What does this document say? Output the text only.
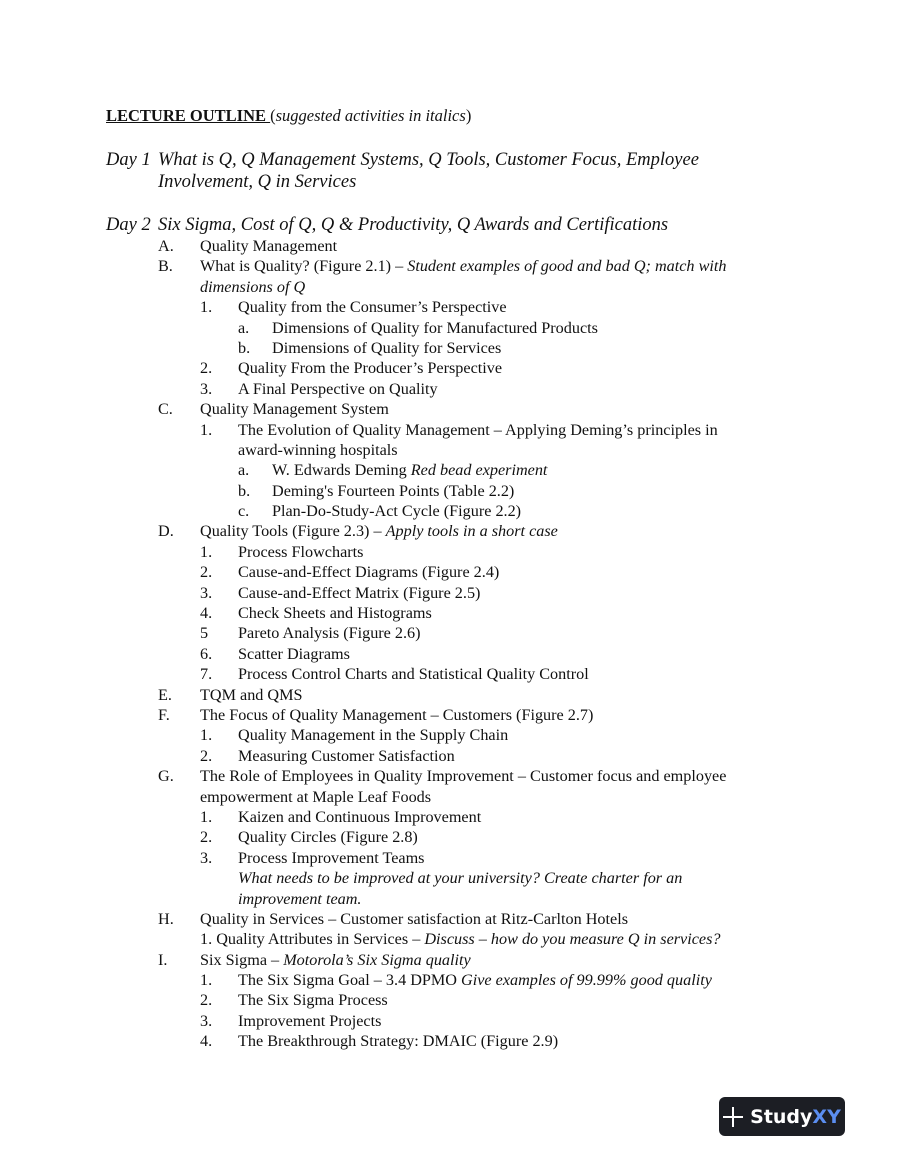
LECTURE OUTLINE (suggested activities in italics)
Day 1 What is Q, Q Management Systems, Q Tools, Customer Focus, Employee
Involvement, Q in Services
Day 2 Six Sigma, Cost of Q, Q & Productivity, Q Awards and Certifications
A. Quality Management
B. What is Quality? (Figure 2.1) – Student examples of good and bad Q; match with
dimensions of Q
1. Quality from the Consumer’s Perspective
a. Dimensions of Quality for Manufactured Products
b. Dimensions of Quality for Services
2. Quality From the Producer’s Perspective
3. A Final Perspective on Quality
C. Quality Management System
1. The Evolution of Quality Management – Applying Deming’s principles in
award-winning hospitals
a. W. Edwards Deming Red bead experiment
b. Deming's Fourteen Points (Table 2.2)
c. Plan-Do-Study-Act Cycle (Figure 2.2)
D. Quality Tools (Figure 2.3) – Apply tools in a short case
1. Process Flowcharts
2. Cause-and-Effect Diagrams (Figure 2.4)
3. Cause-and-Effect Matrix (Figure 2.5)
4. Check Sheets and Histograms
5 Pareto Analysis (Figure 2.6)
6. Scatter Diagrams
7. Process Control Charts and Statistical Quality Control
E. TQM and QMS
F. The Focus of Quality Management – Customers (Figure 2.7)
1. Quality Management in the Supply Chain
2. Measuring Customer Satisfaction
G. The Role of Employees in Quality Improvement – Customer focus and employee
empowerment at Maple Leaf Foods
1. Kaizen and Continuous Improvement
2. Quality Circles (Figure 2.8)
3. Process Improvement Teams
What needs to be improved at your university? Create charter for an
improvement team.
H. Quality in Services – Customer satisfaction at Ritz-Carlton Hotels
1. Quality Attributes in Services – Discuss – how do you measure Q in services?
I. Six Sigma – Motorola’s Six Sigma quality
1. The Six Sigma Goal – 3.4 DPMO Give examples of 99.99% good quality
2. The Six Sigma Process
3. Improvement Projects
4. The Breakthrough Strategy: DMAIC (Figure 2.9)
Study XY
